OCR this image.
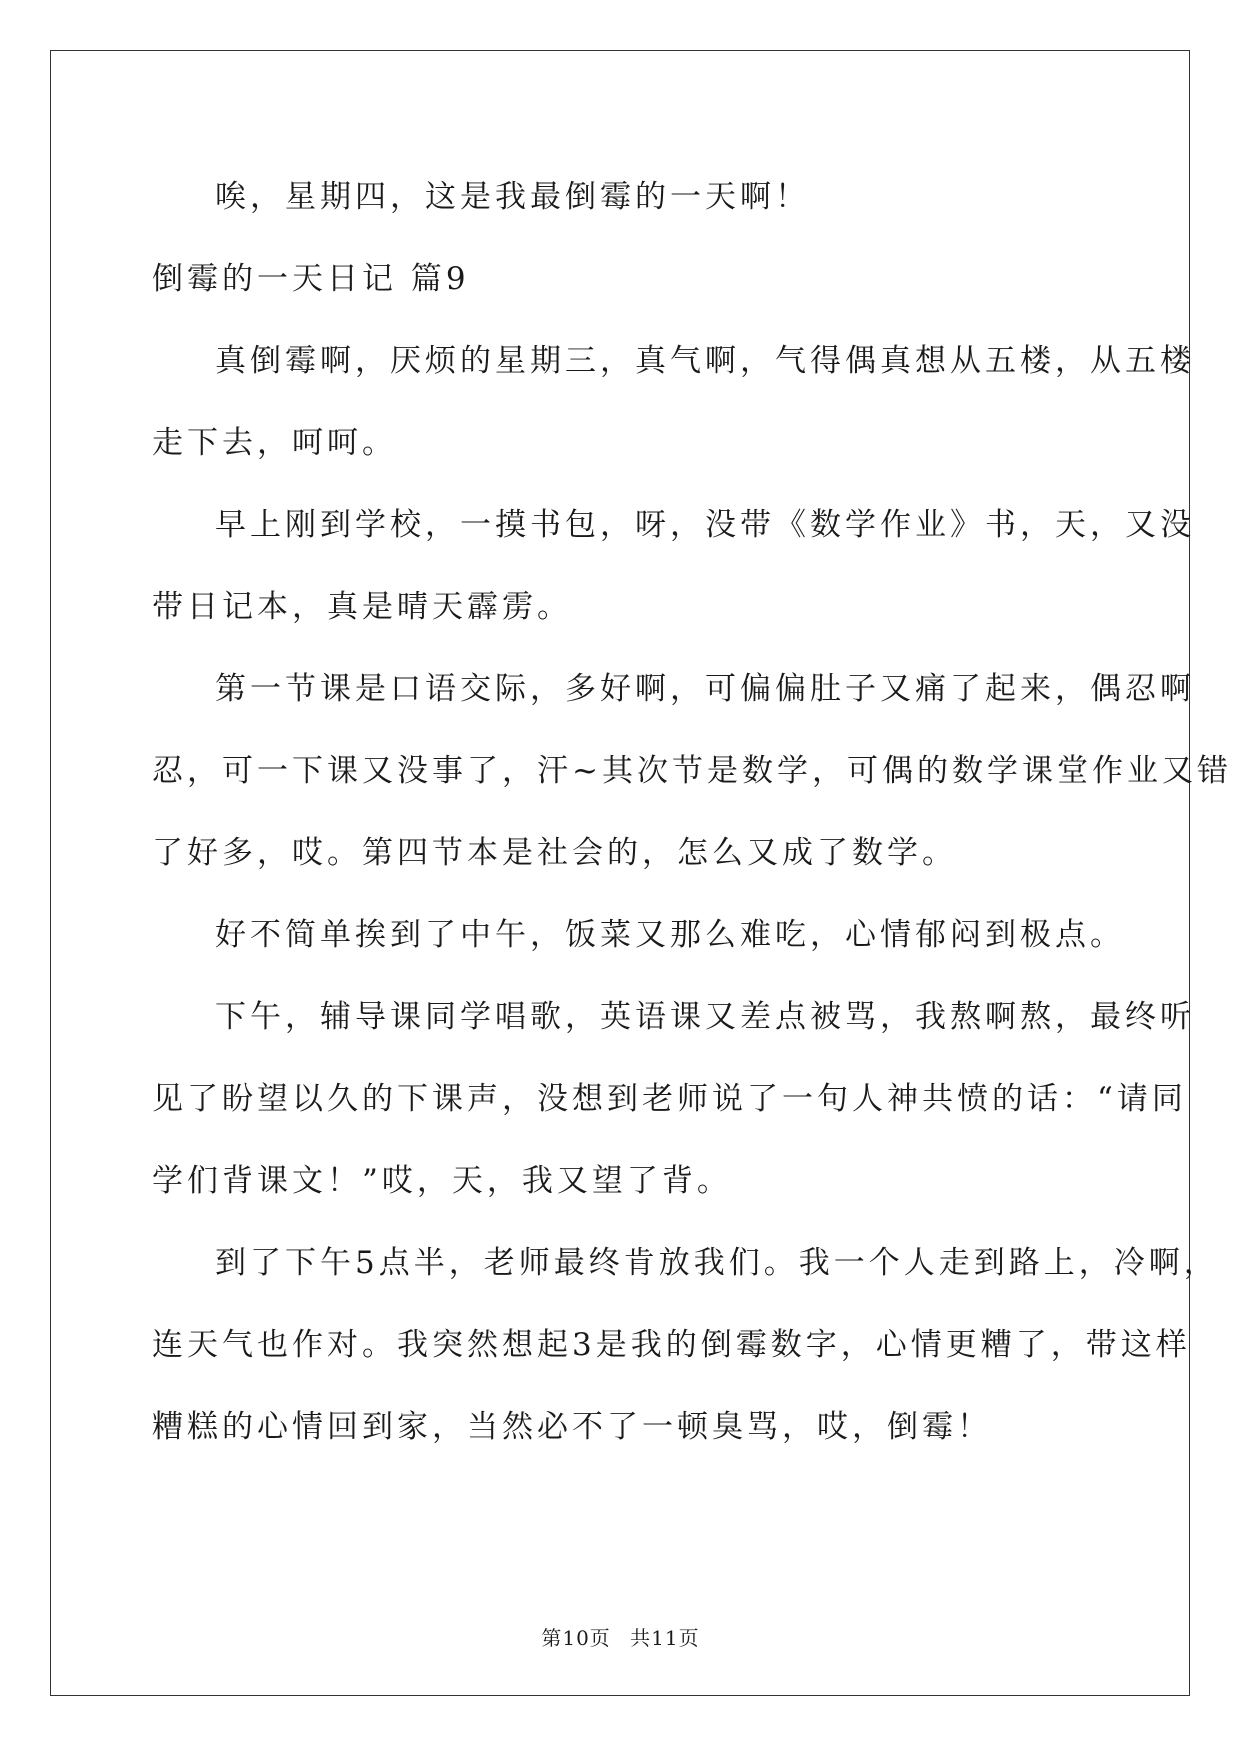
唉，星期四，这是我最倒霉的一天啊！
倒霉的一天日记 篇9
真倒霉啊，厌烦的星期三，真气啊，气得偶真想从五楼，从五楼
走下去，呵呵。
早上刚到学校，一摸书包，呀，没带《数学作业》书，天，又没
带日记本，真是晴天霹雳。
第一节课是口语交际，多好啊，可偏偏肚子又痛了起来，偶忍啊
忍，可一下课又没事了，汗~其次节是数学，可偶的数学课堂作业又错
了好多，哎。第四节本是社会的，怎么又成了数学。
好不简单挨到了中午，饭菜又那么难吃，心情郁闷到极点。
下午，辅导课同学唱歌，英语课又差点被骂，我熬啊熬，最终听
见了盼望以久的下课声，没想到老师说了一句人神共愤的话：“请同
学们背课文！”哎，天，我又望了背。
到了下午5点半，老师最终肯放我们。我一个人走到路上，冷啊，
连天气也作对。我突然想起3是我的倒霉数字，心情更糟了，带这样
糟糕的心情回到家，当然必不了一顿臭骂，哎，倒霉！
第10页 共11页
